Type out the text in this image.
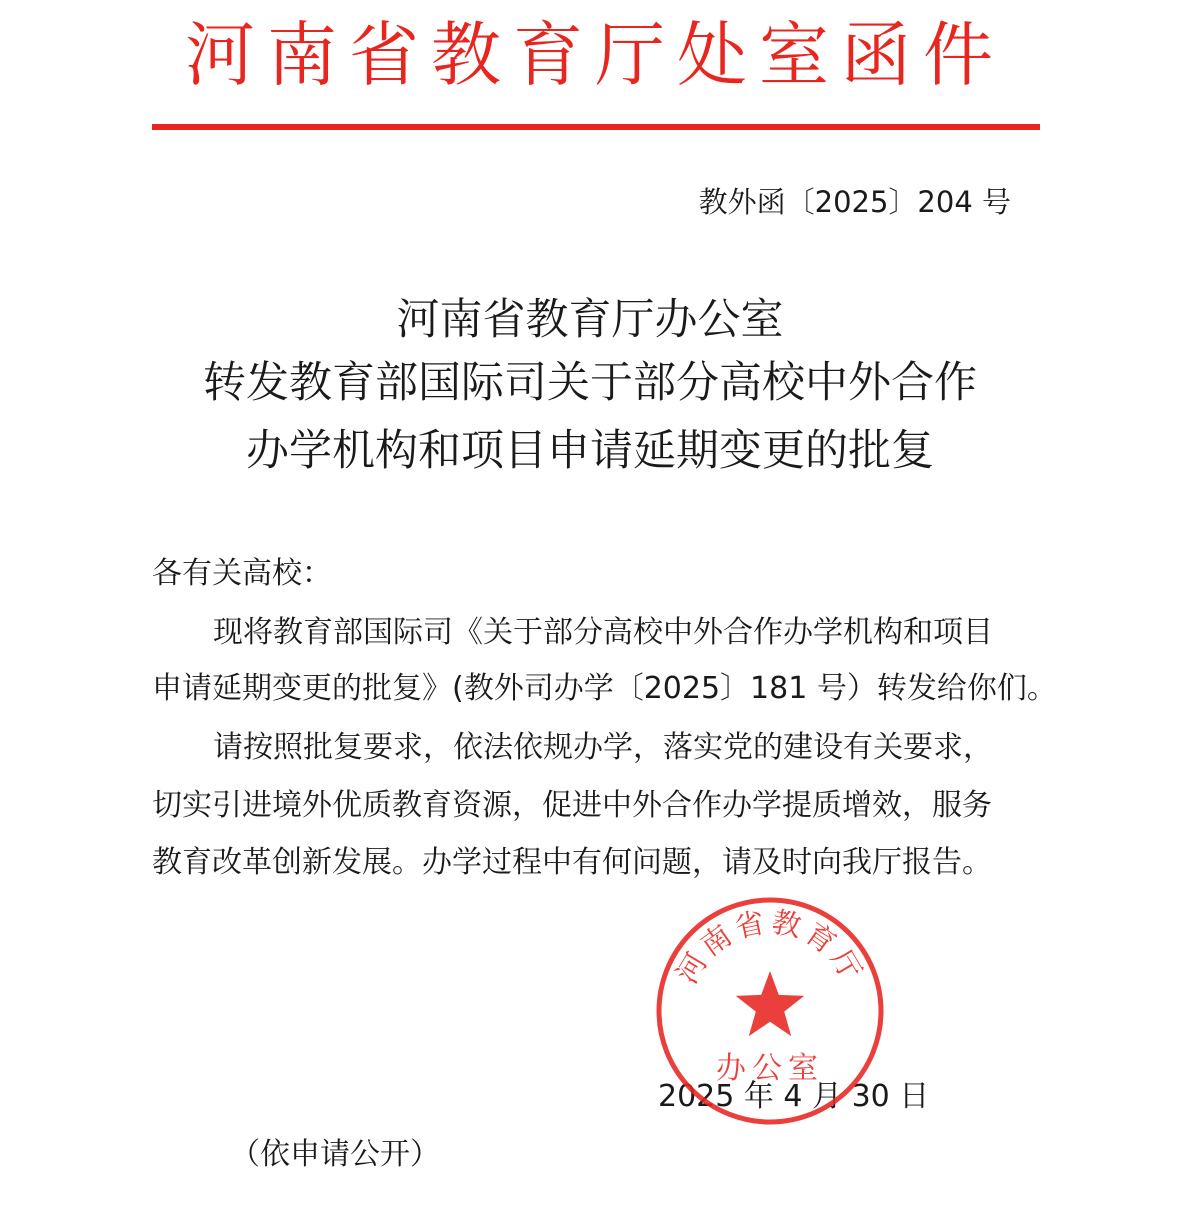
河南省教育厅处室函件
教外函〔2025〕204 号
河南省教育厅办公室
转发教育部国际司关于部分高校中外合作
办学机构和项目申请延期变更的批复
各有关高校：
现将教育部国际司《关于部分高校中外合作办学机构和项目
申请延期变更的批复》(教外司办学〔2025〕181 号）转发给你们。
请按照批复要求，依法依规办学，落实党的建设有关要求，
切实引进境外优质教育资源，促进中外合作办学提质增效，服务
教育改革创新发展。办学过程中有何问题，请及时向我厅报告。
2025 年 4 月 30 日
河南省教育厅
办公室
（依申请公开）
